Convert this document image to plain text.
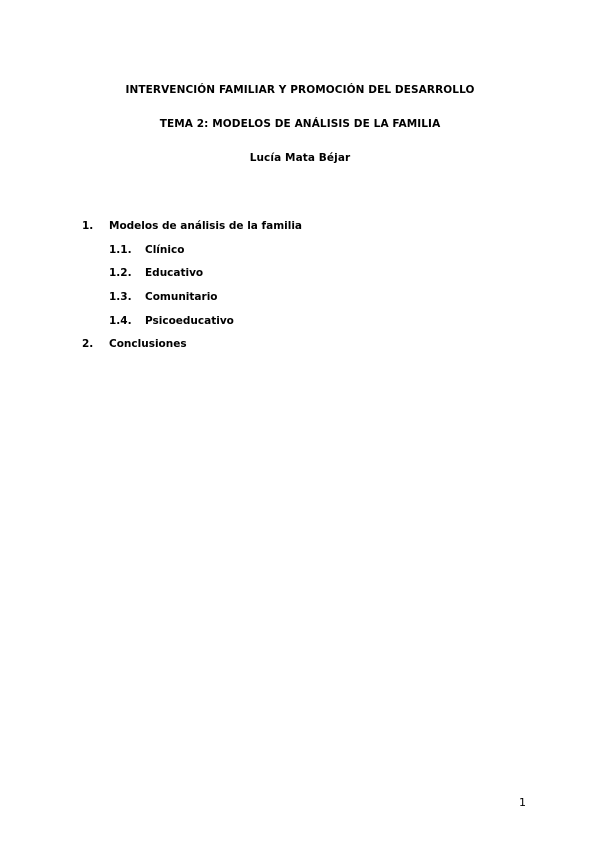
INTERVENCIÓN FAMILIAR Y PROMOCIÓN DEL DESARROLLO
TEMA 2: MODELOS DE ANÁLISIS DE LA FAMILIA
Lucía Mata Béjar
1. Modelos de análisis de la familia
1.1. Clínico
1.2. Educativo
1.3. Comunitario
1.4. Psicoeducativo
2. Conclusiones
1
